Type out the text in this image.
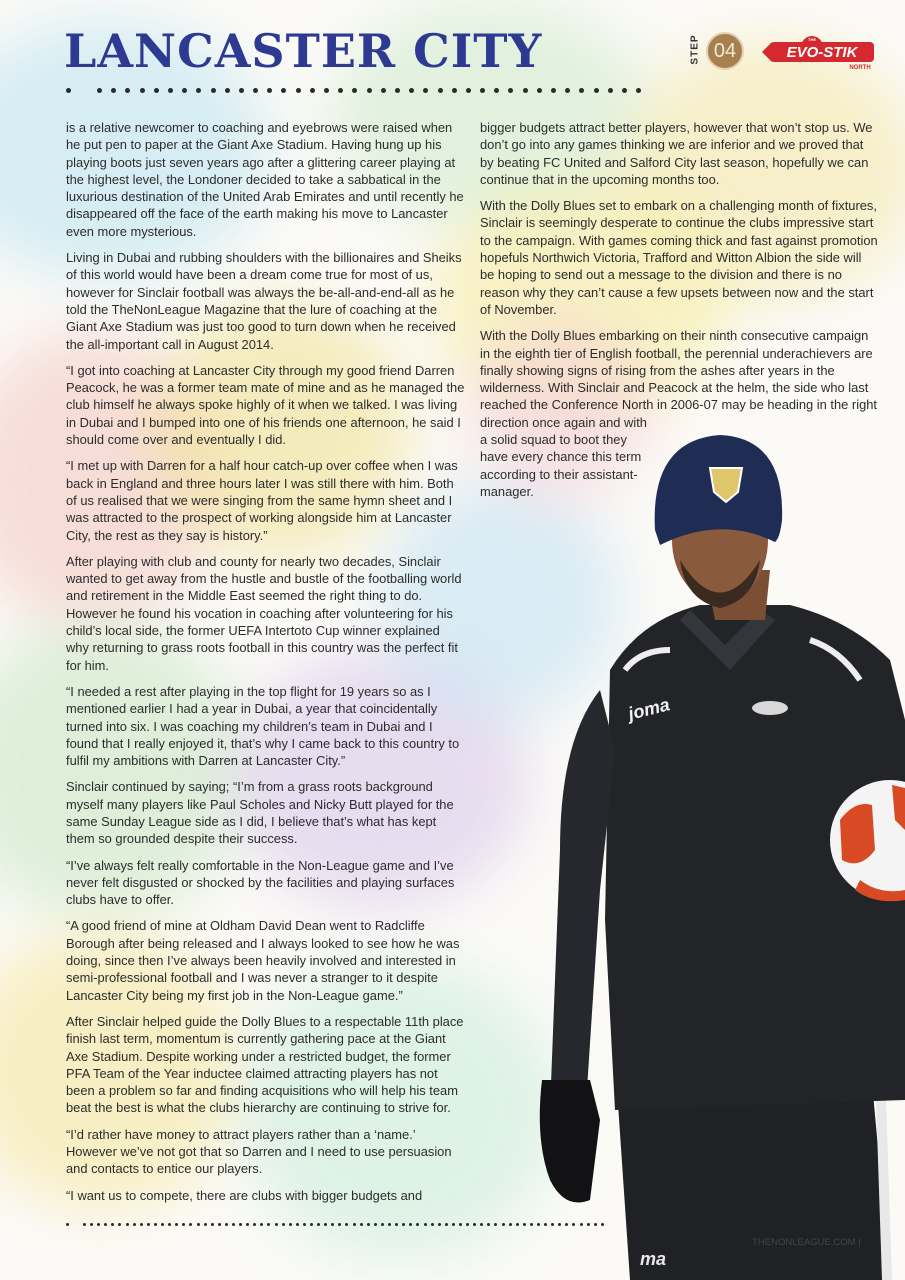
LANCASTER CITY	STEP 04	THE
EVO-STIK
NORTH

is a relative newcomer to coaching and eyebrows were raised when he put pen to paper at the Giant Axe Stadium. Having hung up his playing boots just seven years ago after a glittering career playing at the highest level, the Londoner decided to take a sabbatical in the luxurious destination of the United Arab Emirates and until recently he disappeared off the face of the earth making his move to Lancaster even more mysterious.

Living in Dubai and rubbing shoulders with the billionaires and Sheiks of this world would have been a dream come true for most of us, however for Sinclair football was always the be-all-and-end-all as he told the TheNonLeague Magazine that the lure of coaching at the Giant Axe Stadium was just too good to turn down when he received the all-important call in August 2014.

“I got into coaching at Lancaster City through my good friend Darren Peacock, he was a former team mate of mine and as he managed the club himself he always spoke highly of it when we talked. I was living in Dubai and I bumped into one of his friends one afternoon, he said I should come over and eventually I did.

“I met up with Darren for a half hour catch-up over coffee when I was back in England and three hours later I was still there with him. Both of us realised that we were singing from the same hymn sheet and I was attracted to the prospect of working alongside him at Lancaster City, the rest as they say is history.”

After playing with club and county for nearly two decades, Sinclair wanted to get away from the hustle and bustle of the footballing world and retirement in the Middle East seemed the right thing to do. However he found his vocation in coaching after volunteering for his child’s local side, the former UEFA Intertoto Cup winner explained why returning to grass roots football in this country was the perfect fit for him.

“I needed a rest after playing in the top flight for 19 years so as I mentioned earlier I had a year in Dubai, a year that coincidentally turned into six. I was coaching my children’s team in Dubai and I found that I really enjoyed it, that’s why I came back to this country to fulfil my ambitions with Darren at Lancaster City.”

Sinclair continued by saying; “I’m from a grass roots background myself many players like Paul Scholes and Nicky Butt played for the same Sunday League side as I did, I believe that’s what has kept them so grounded despite their success.

“I’ve always felt really comfortable in the Non-League game and I’ve never felt disgusted or shocked by the facilities and playing surfaces clubs have to offer.

“A good friend of mine at Oldham David Dean went to Radcliffe Borough after being released and I always looked to see how he was doing, since then I’ve always been heavily involved and interested in semi-professional football and I was never a stranger to it despite Lancaster City being my first job in the Non-League game.”

After Sinclair helped guide the Dolly Blues to a respectable 11th place finish last term, momentum is currently gathering pace at the Giant Axe Stadium. Despite working under a restricted budget, the former PFA Team of the Year inductee claimed attracting players has not been a problem so far and finding acquisitions who will help his team beat the best is what the clubs hierarchy are continuing to strive for.

“I’d rather have money to attract players rather than a ‘name.’ However we’ve not got that so Darren and I need to use persuasion and contacts to entice our players.

“I want us to compete, there are clubs with bigger budgets and

bigger budgets attract better players, however that won’t stop us. We don’t go into any games thinking we are inferior and we proved that by beating FC United and Salford City last season, hopefully we can continue that in the upcoming months too.

With the Dolly Blues set to embark on a challenging month of fixtures, Sinclair is seemingly desperate to continue the clubs impressive start to the campaign. With games coming thick and fast against promotion hopefuls Northwich Victoria, Trafford and Witton Albion the side will be hoping to send out a message to the division and there is no reason why they can’t cause a few upsets between now and the start of November.

With the Dolly Blues embarking on their ninth consecutive campaign in the eighth tier of English football, the perennial underachievers are finally showing signs of rising from the ashes after years in the wilderness. With Sinclair and Peacock at the helm, the side who last reached the Conference North in 2006-07 may be heading in the right

direction once again and with a solid squad to boot they have every chance this term according to their assistant-manager.

joma
ma
THENONLEAGUE.COM | 75
